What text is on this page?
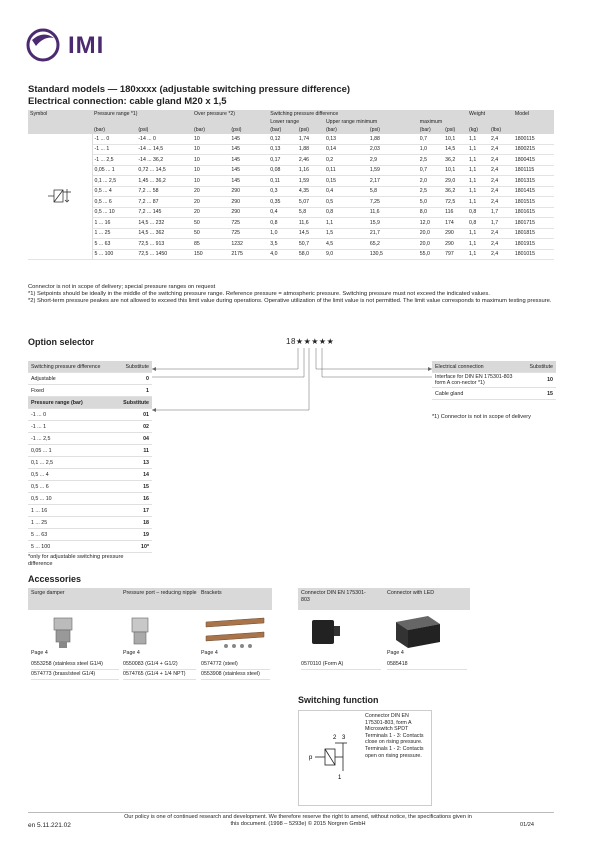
IMI
Standard models — 180xxxx (adjustable switching pressure difference)
Electrical connection: cable gland M20 x 1,5
Symbol	Pressure range *1)		Over pressure *2)		Switching pressure difference						Weight		Model
					Lower range		Upper range minimum		maximum				
	(bar)	(psi)	(bar)	(psi)	(bar)	(psi)	(bar)	(psi)	(bar)	(psi)	(kg)	(lbs)	
	-1 ... 0	-14 ... 0	10	145	0,12	1,74	0,13	1,88	0,7	10,1	1,1	2,4	1800115
	-1 ... 1	-14 ... 14,5	10	145	0,13	1,88	0,14	2,03	1,0	14,5	1,1	2,4	1800215
	-1 ... 2,5	-14 ... 36,2	10	145	0,17	2,46	0,2	2,9	2,5	36,2	1,1	2,4	1800415
	0,05 ... 1	0,72 ... 14,5	10	145	0,08	1,16	0,11	1,59	0,7	10,1	1,1	2,4	1801115
	0,1 ... 2,5	1,45 ... 36,2	10	145	0,11	1,59	0,15	2,17	2,0	29,0	1,1	2,4	1801315
	0,5 ... 4	7,2 ... 58	20	290	0,3	4,35	0,4	5,8	2,5	36,2	1,1	2,4	1801415
	0,5 ... 6	7,2 ... 87	20	290	0,35	5,07	0,5	7,25	5,0	72,5	1,1	2,4	1801515
	0,5 ... 10	7,2 ... 145	20	290	0,4	5,8	0,8	11,6	8,0	116	0,8	1,7	1801615
	1 ... 16	14,5 ... 232	50	725	0,8	11,6	1,1	15,9	12,0	174	0,8	1,7	1801715
	1 ... 25	14,5 ... 362	50	725	1,0	14,5	1,5	21,7	20,0	290	1,1	2,4	1801815
	5 ... 63	72,5 ... 913	85	1232	3,5	50,7	4,5	65,2	20,0	290	1,1	2,4	1801915
	5 ... 100	72,5 ... 1450	150	2175	4,0	58,0	9,0	130,5	55,0	797	1,1	2,4	1801015
Connector is not in scope of delivery; special pressure ranges on request
*1) Setpoints should be ideally in the middle of the switching pressure range. Reference pressure = atmospheric pressure. Switching pressure must not exceed the indicated values.
*2) Short-term pressure peakes are not allowed to exceed this limit value during operations. Operative utilization of the limit value is not permitted. The limit value corresponds to maximum testing pressure.
Option selector	18★★★★★
Switching pressure difference	Substitute
Adjustable	0
Fixed	1
Pressure range (bar)	Substitute
-1 ... 0	01
-1 ... 1	02
-1 ... 2,5	04
0,05 ... 1	11
0,1 ... 2,5	13
0,5 ... 4	14
0,5 ... 6	15
0,5 ... 10	16
1 ... 16	17
1 ... 25	18
5 ... 63	19
5 ... 100	10*
*only for adjustable switching pressure difference
Electrical connection	Substitute
Interface for DIN EN 175301-803 form A con-nector *1)	10
Cable gland	15
*1) Connector is not in scope of delivery
Accessories
Surge damper
Page 4
Pressure port – reducing nipple
Page 4
Brackets
Page 4
0553258 (stainless steel G1/4)
0574773 (brass/steel G1/4)
0550083 (G1/4 + G1/2)
0574765 (G1/4 + 1/4 NPT)
0574772 (steel)
0553908 (stainless steel)
Connector DIN EN 175301-803
Connector with LED
Page 4
0570110 (Form A)	0585418
Switching function
2 3
1
p
Connector DIN EN 175301-803, form A Microswitch SPDT Terminals 1 - 3: Contacts close on rising pressure. Terminals 1 - 2: Contacts open on rising pressure.
en 5.11.221.02
Our policy is one of continued research and development. We therefore reserve the right to amend, without notice, the specifications given in this document. (1998 – 5293e) © 2015 Norgren GmbH	01/24
